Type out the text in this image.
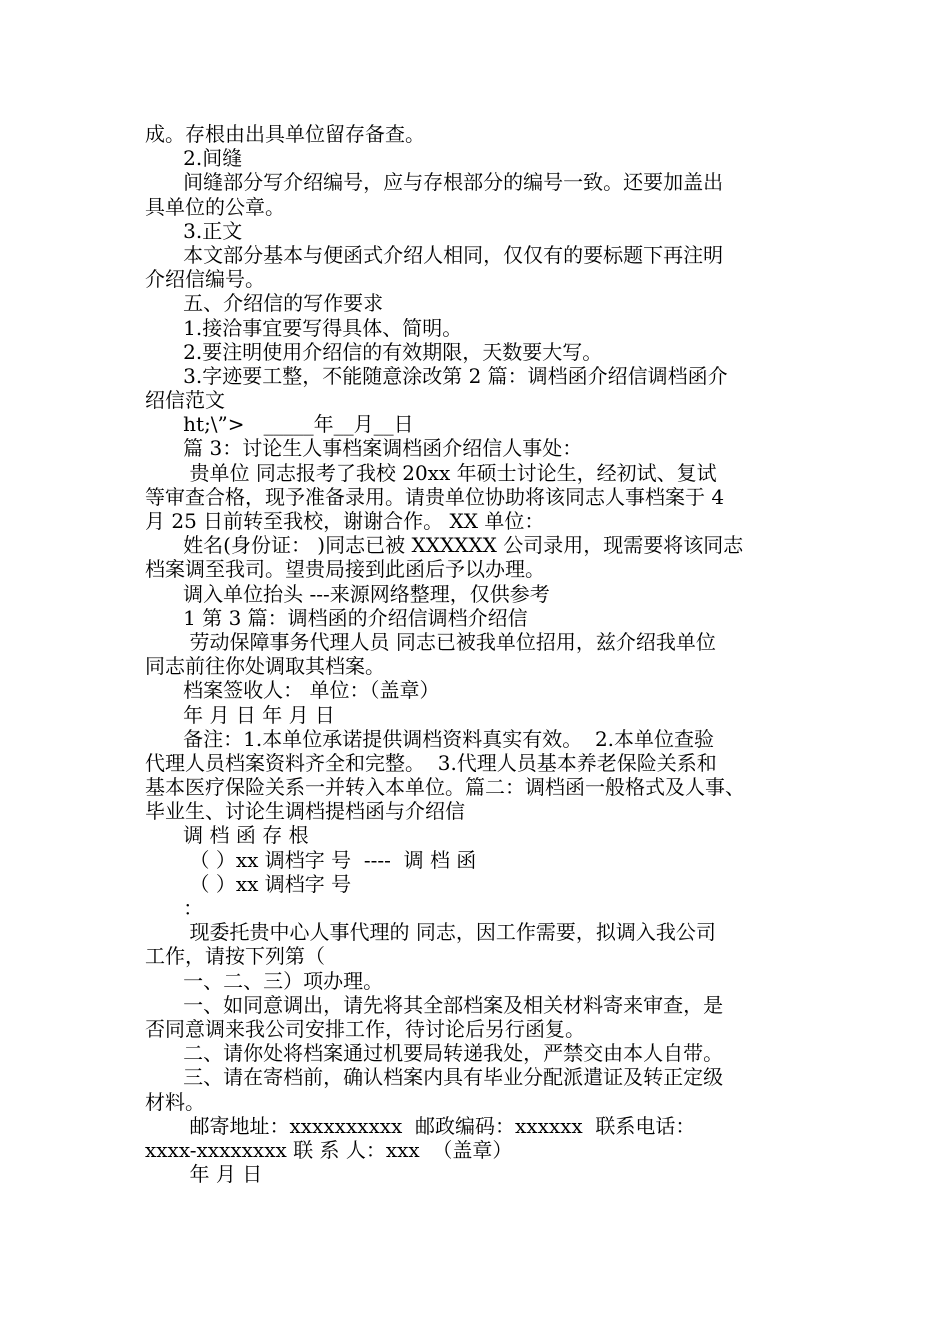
成。存根由出具单位留存备查。
2.间缝
间缝部分写介绍编号，应与存根部分的编号一致。还要加盖出
具单位的公章。
3.正文
本文部分基本与便函式介绍人相同，仅仅有的要标题下再注明
介绍信编号。
五、介绍信的写作要求
1.接洽事宜要写得具体、简明。
2.要注明使用介绍信的有效期限，天数要大写。
3.字迹要工整，不能随意涂改第 2 篇：调档函介绍信调档函介
绍信范文
ht;\”>   _____年__月__日
篇 3：讨论生人事档案调档函介绍信人事处：
贵单位 同志报考了我校 20xx 年硕士讨论生，经初试、复试
等审查合格，现予准备录用。请贵单位协助将该同志人事档案于 4
月 25 日前转至我校，谢谢合作。 XX 单位：
姓名(身份证： )同志已被 XXXXXX 公司录用，现需要将该同志
档案调至我司。望贵局接到此函后予以办理。
调入单位抬头 ---来源网络整理，仅供参考
1 第 3 篇：调档函的介绍信调档介绍信
劳动保障事务代理人员 同志已被我单位招用，兹介绍我单位
同志前往你处调取其档案。
档案签收人： 单位：（盖章）
年 月 日 年 月 日
备注：1.本单位承诺提供调档资料真实有效。  2.本单位查验
代理人员档案资料齐全和完整。  3.代理人员基本养老保险关系和
基本医疗保险关系一并转入本单位。篇二：调档函一般格式及人事、
毕业生、讨论生调档提档函与介绍信
调 档 函 存 根
（ ）xx 调档字 号  ----  调 档 函
（ ）xx 调档字 号
：
现委托贵中心人事代理的 同志，因工作需要，拟调入我公司
工作，请按下列第（
一、二、三）项办理。
一、如同意调出，请先将其全部档案及相关材料寄来审查，是
否同意调来我公司安排工作，待讨论后另行函复。
二、请你处将档案通过机要局转递我处，严禁交由本人自带。
三、请在寄档前，确认档案内具有毕业分配派遣证及转正定级
材料。
邮寄地址：xxxxxxxxxx  邮政编码：xxxxxx  联系电话：
xxxx-xxxxxxxx 联 系 人：xxx  （盖章）
年 月 日
